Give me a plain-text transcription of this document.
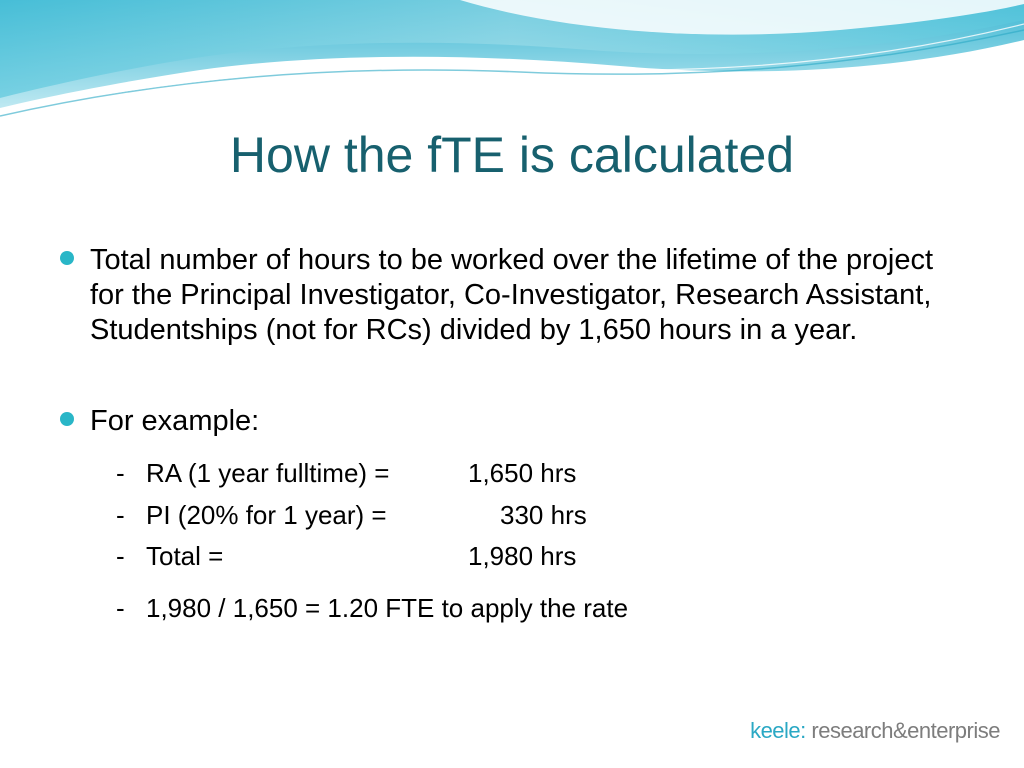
How the fTE is calculated
Total number of hours to be worked over the lifetime of the project for the Principal Investigator, Co-Investigator, Research Assistant, Studentships (not for RCs) divided by 1,650 hours in a year.
For example:
- RA (1 year fulltime) =	1,650 hrs
- PI (20% for 1 year) =	330 hrs
- Total =	1,980 hrs
- 1,980 / 1,650 = 1.20 FTE to apply the rate
keele: research&enterprise
